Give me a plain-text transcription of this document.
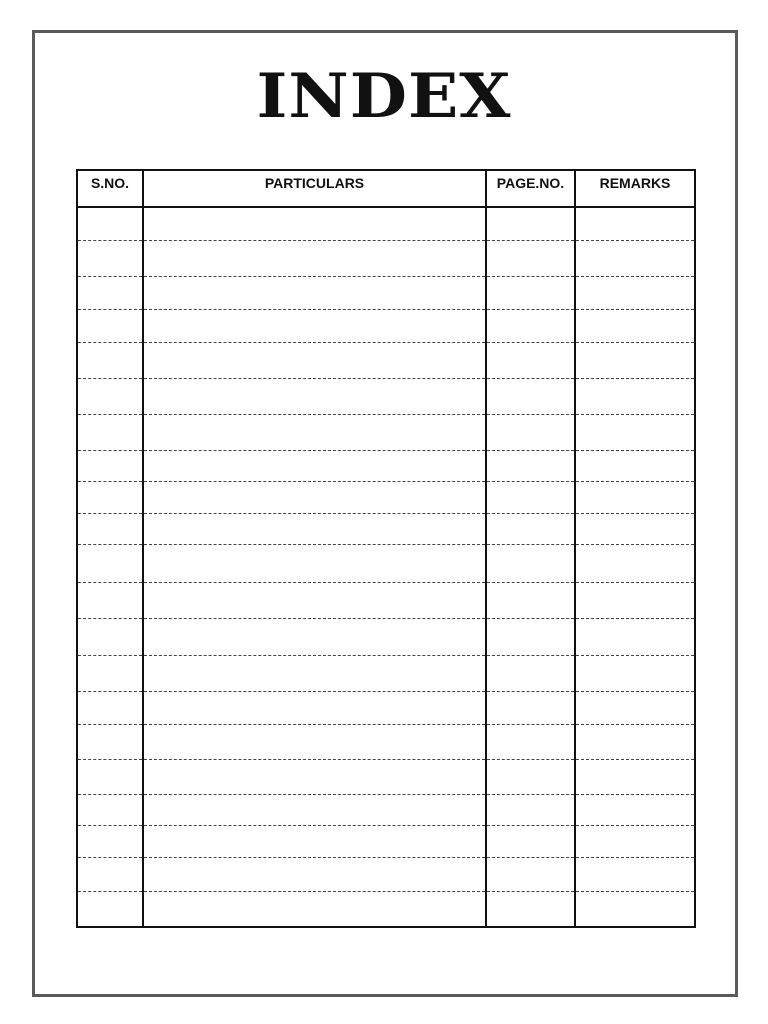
INDEX
S.NO.	PARTICULARS	PAGE.NO.	REMARKS
